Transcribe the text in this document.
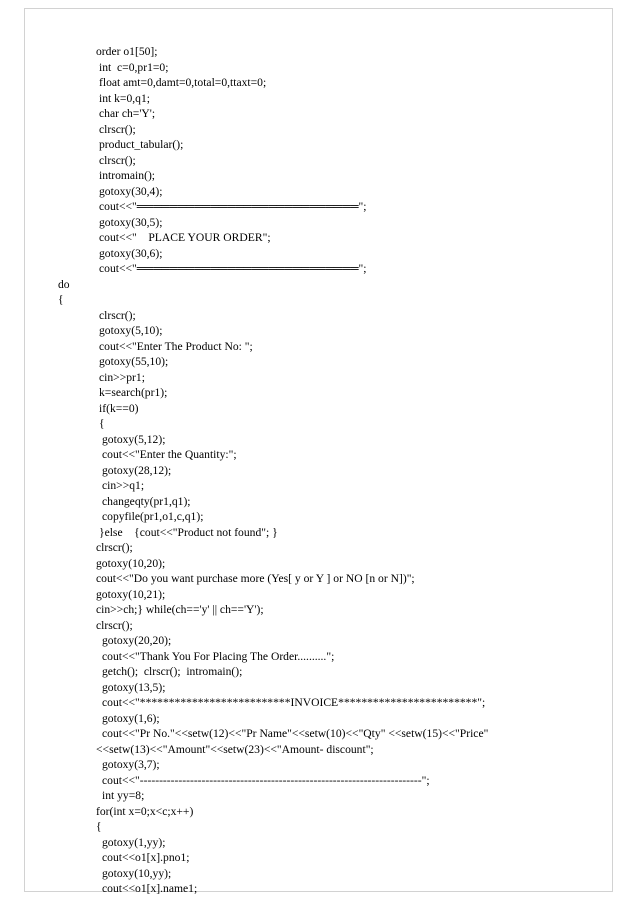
order o1[50];
int  c=0,pr1=0;
float amt=0,damt=0,total=0,ttaxt=0;
int k=0,q1;
char ch='Y';
clrscr();
product_tabular();
clrscr();
intromain();
gotoxy(30,4);
cout<<"═══════════════════════════";
gotoxy(30,5);
cout<<"    PLACE YOUR ORDER";
gotoxy(30,6);
cout<<"═══════════════════════════";
do
{
clrscr();
gotoxy(5,10);
cout<<"Enter The Product No: ";
gotoxy(55,10);
cin>>pr1;
k=search(pr1);
if(k==0)
{
gotoxy(5,12);
cout<<"Enter the Quantity:";
gotoxy(28,12);
cin>>q1;
changeqty(pr1,q1);
copyfile(pr1,o1,c,q1);
}else    {cout<<"Product not found"; }
clrscr();
gotoxy(10,20);
cout<<"Do you want purchase more (Yes[ y or Y ] or NO [n or N])";
gotoxy(10,21);
cin>>ch;} while(ch=='y' || ch=='Y');
clrscr();
gotoxy(20,20);
cout<<"Thank You For Placing The Order..........";
getch();  clrscr();  intromain();
gotoxy(13,5);
cout<<"**************************INVOICE************************";
gotoxy(1,6);
cout<<"Pr No."<<setw(12)<<"Pr Name"<<setw(10)<<"Qty" <<setw(15)<<"Price"
<<setw(13)<<"Amount"<<setw(23)<<"Amount- discount";
gotoxy(3,7);
cout<<"-------------------------------------------------------------------------";
int yy=8;
for(int x=0;x<c;x++)
{
gotoxy(1,yy);
cout<<o1[x].pno1;
gotoxy(10,yy);
cout<<o1[x].name1;
